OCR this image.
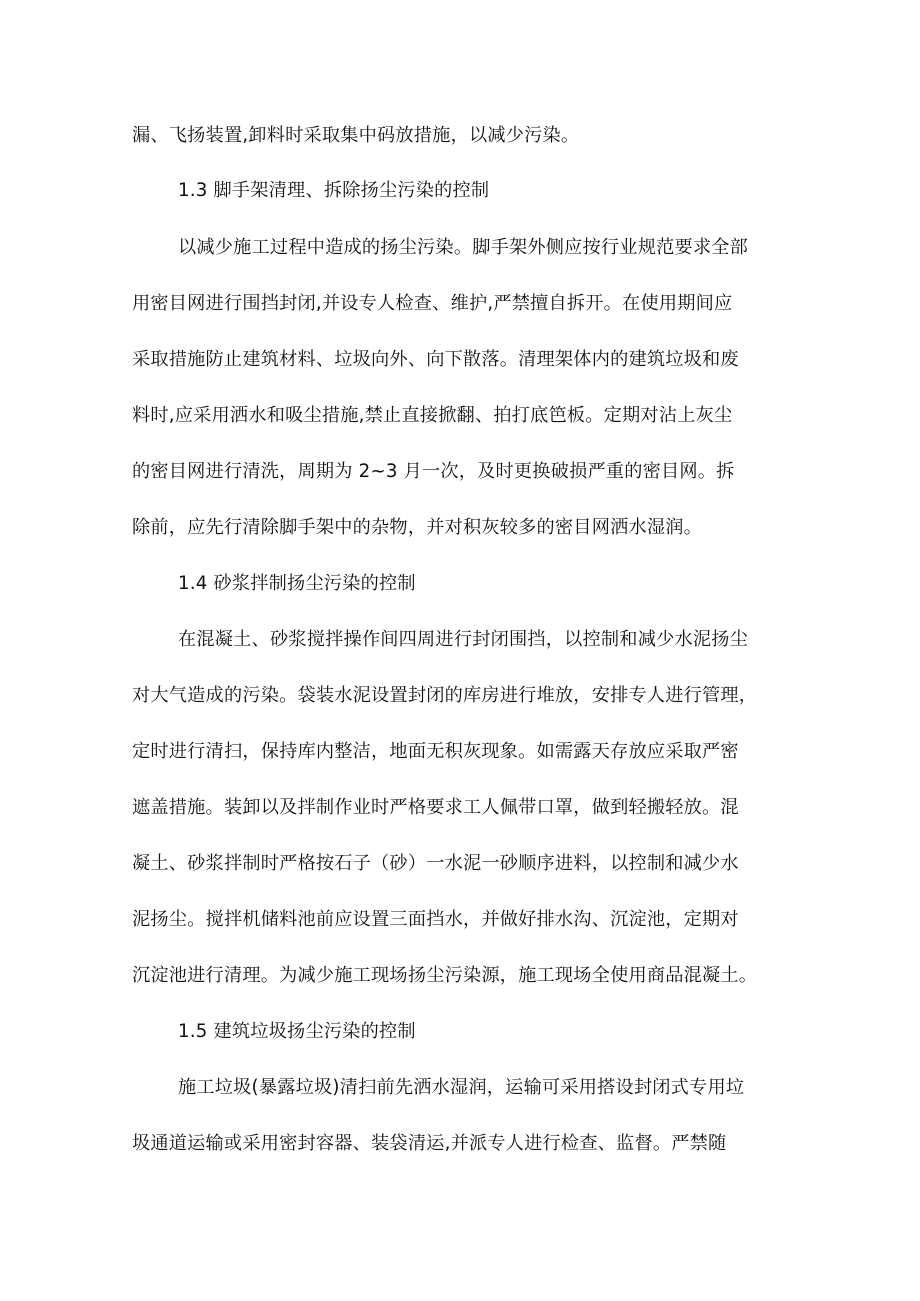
漏、飞扬装置,卸料时采取集中码放措施，以减少污染。
1.3 脚手架清理、拆除扬尘污染的控制
以减少施工过程中造成的扬尘污染。脚手架外侧应按行业规范要求全部
用密目网进行围挡封闭,并设专人检查、维护,严禁擅自拆开。在使用期间应
采取措施防止建筑材料、垃圾向外、向下散落。清理架体内的建筑垃圾和废
料时,应采用洒水和吸尘措施,禁止直接掀翻、拍打底笆板。定期对沾上灰尘
的密目网进行清洗，周期为 2~3 月一次，及时更换破损严重的密目网。拆
除前，应先行清除脚手架中的杂物，并对积灰较多的密目网洒水湿润。
1.4 砂浆拌制扬尘污染的控制
在混凝土、砂浆搅拌操作间四周进行封闭围挡，以控制和减少水泥扬尘
对大气造成的污染。袋装水泥设置封闭的库房进行堆放，安排专人进行管理，
定时进行清扫，保持库内整洁，地面无积灰现象。如需露天存放应采取严密
遮盖措施。装卸以及拌制作业时严格要求工人佩带口罩，做到轻搬轻放。混
凝土、砂浆拌制时严格按石子（砂）一水泥一砂顺序进料，以控制和减少水
泥扬尘。搅拌机储料池前应设置三面挡水，并做好排水沟、沉淀池，定期对
沉淀池进行清理。为减少施工现场扬尘污染源，施工现场全使用商品混凝土。
1.5 建筑垃圾扬尘污染的控制
施工垃圾(暴露垃圾)清扫前先洒水湿润，运输可采用搭设封闭式专用垃
圾通道运输或采用密封容器、装袋清运,并派专人进行检查、监督。严禁随
